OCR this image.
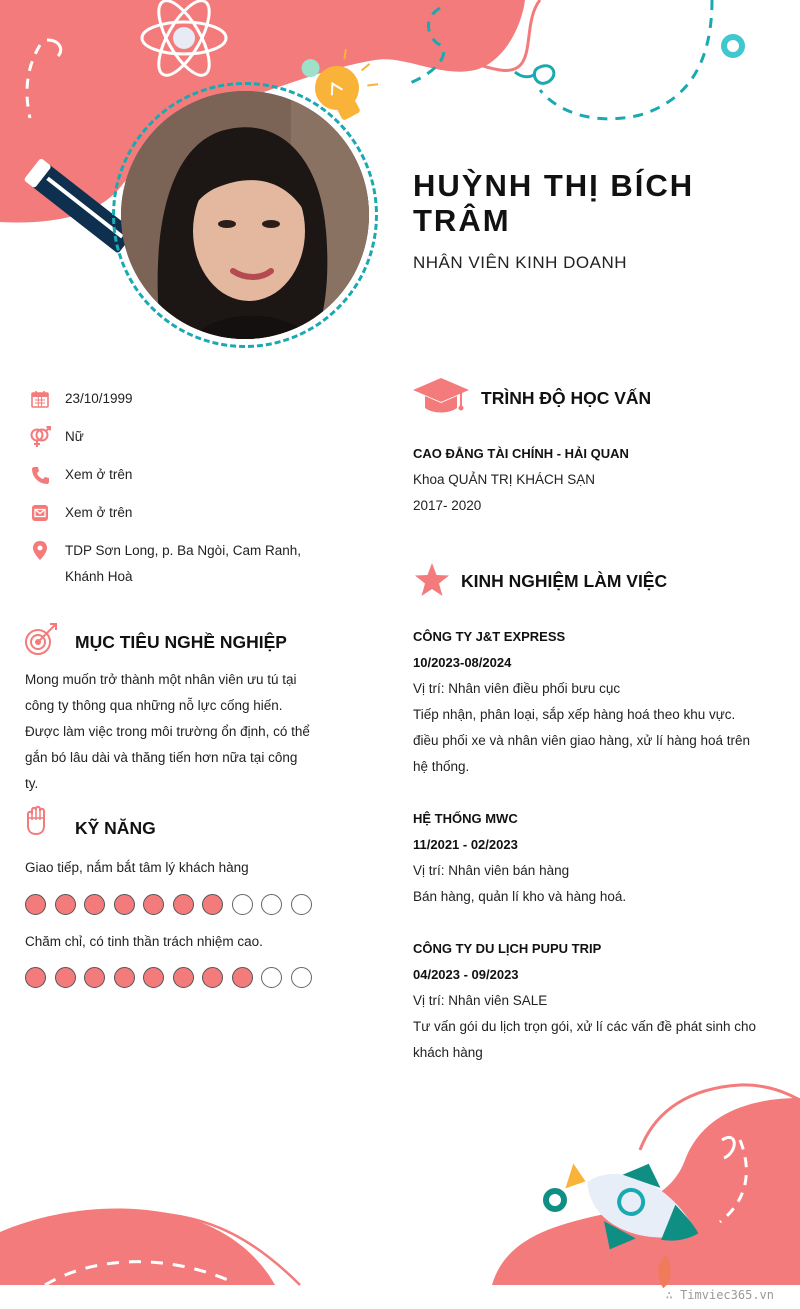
HUỲNH THỊ BÍCH
TRÂM
NHÂN VIÊN KINH DOANH
23/10/1999
Nữ
Xem ở trên
Xem ở trên
TDP Sơn Long, p. Ba Ngòi, Cam Ranh,
Khánh Hoà
MỤC TIÊU NGHỀ NGHIỆP
Mong muốn trở thành một nhân viên ưu tú tại
công ty thông qua những nỗ lực cống hiến.
Được làm việc trong môi trường ổn định, có thể
gắn bó lâu dài và thăng tiến hơn nữa tại công
ty.
KỸ NĂNG
Giao tiếp, nắm bắt tâm lý khách hàng
Chăm chỉ, có tinh thần trách nhiệm cao.
TRÌNH ĐỘ HỌC VẤN
CAO ĐẲNG TÀI CHÍNH - HẢI QUAN
Khoa QUẢN TRỊ KHÁCH SẠN
2017- 2020
KINH NGHIỆM LÀM VIỆC
CÔNG TY J&T EXPRESS
10/2023-08/2024
Vị trí: Nhân viên điều phối bưu cục
Tiếp nhận, phân loại, sắp xếp hàng hoá theo khu vực.
điều phối xe và nhân viên giao hàng, xử lí hàng hoá trên
hệ thống.
HỆ THỐNG MWC
11/2021 - 02/2023
Vị trí: Nhân viên bán hàng
Bán hàng, quản lí kho và hàng hoá.
CÔNG TY DU LỊCH PUPU TRIP
04/2023 - 09/2023
Vị trí: Nhân viên SALE
Tư vấn gói du lịch trọn gói, xử lí các vấn đề phát sinh cho
khách hàng
∴ Timviec365.vn
